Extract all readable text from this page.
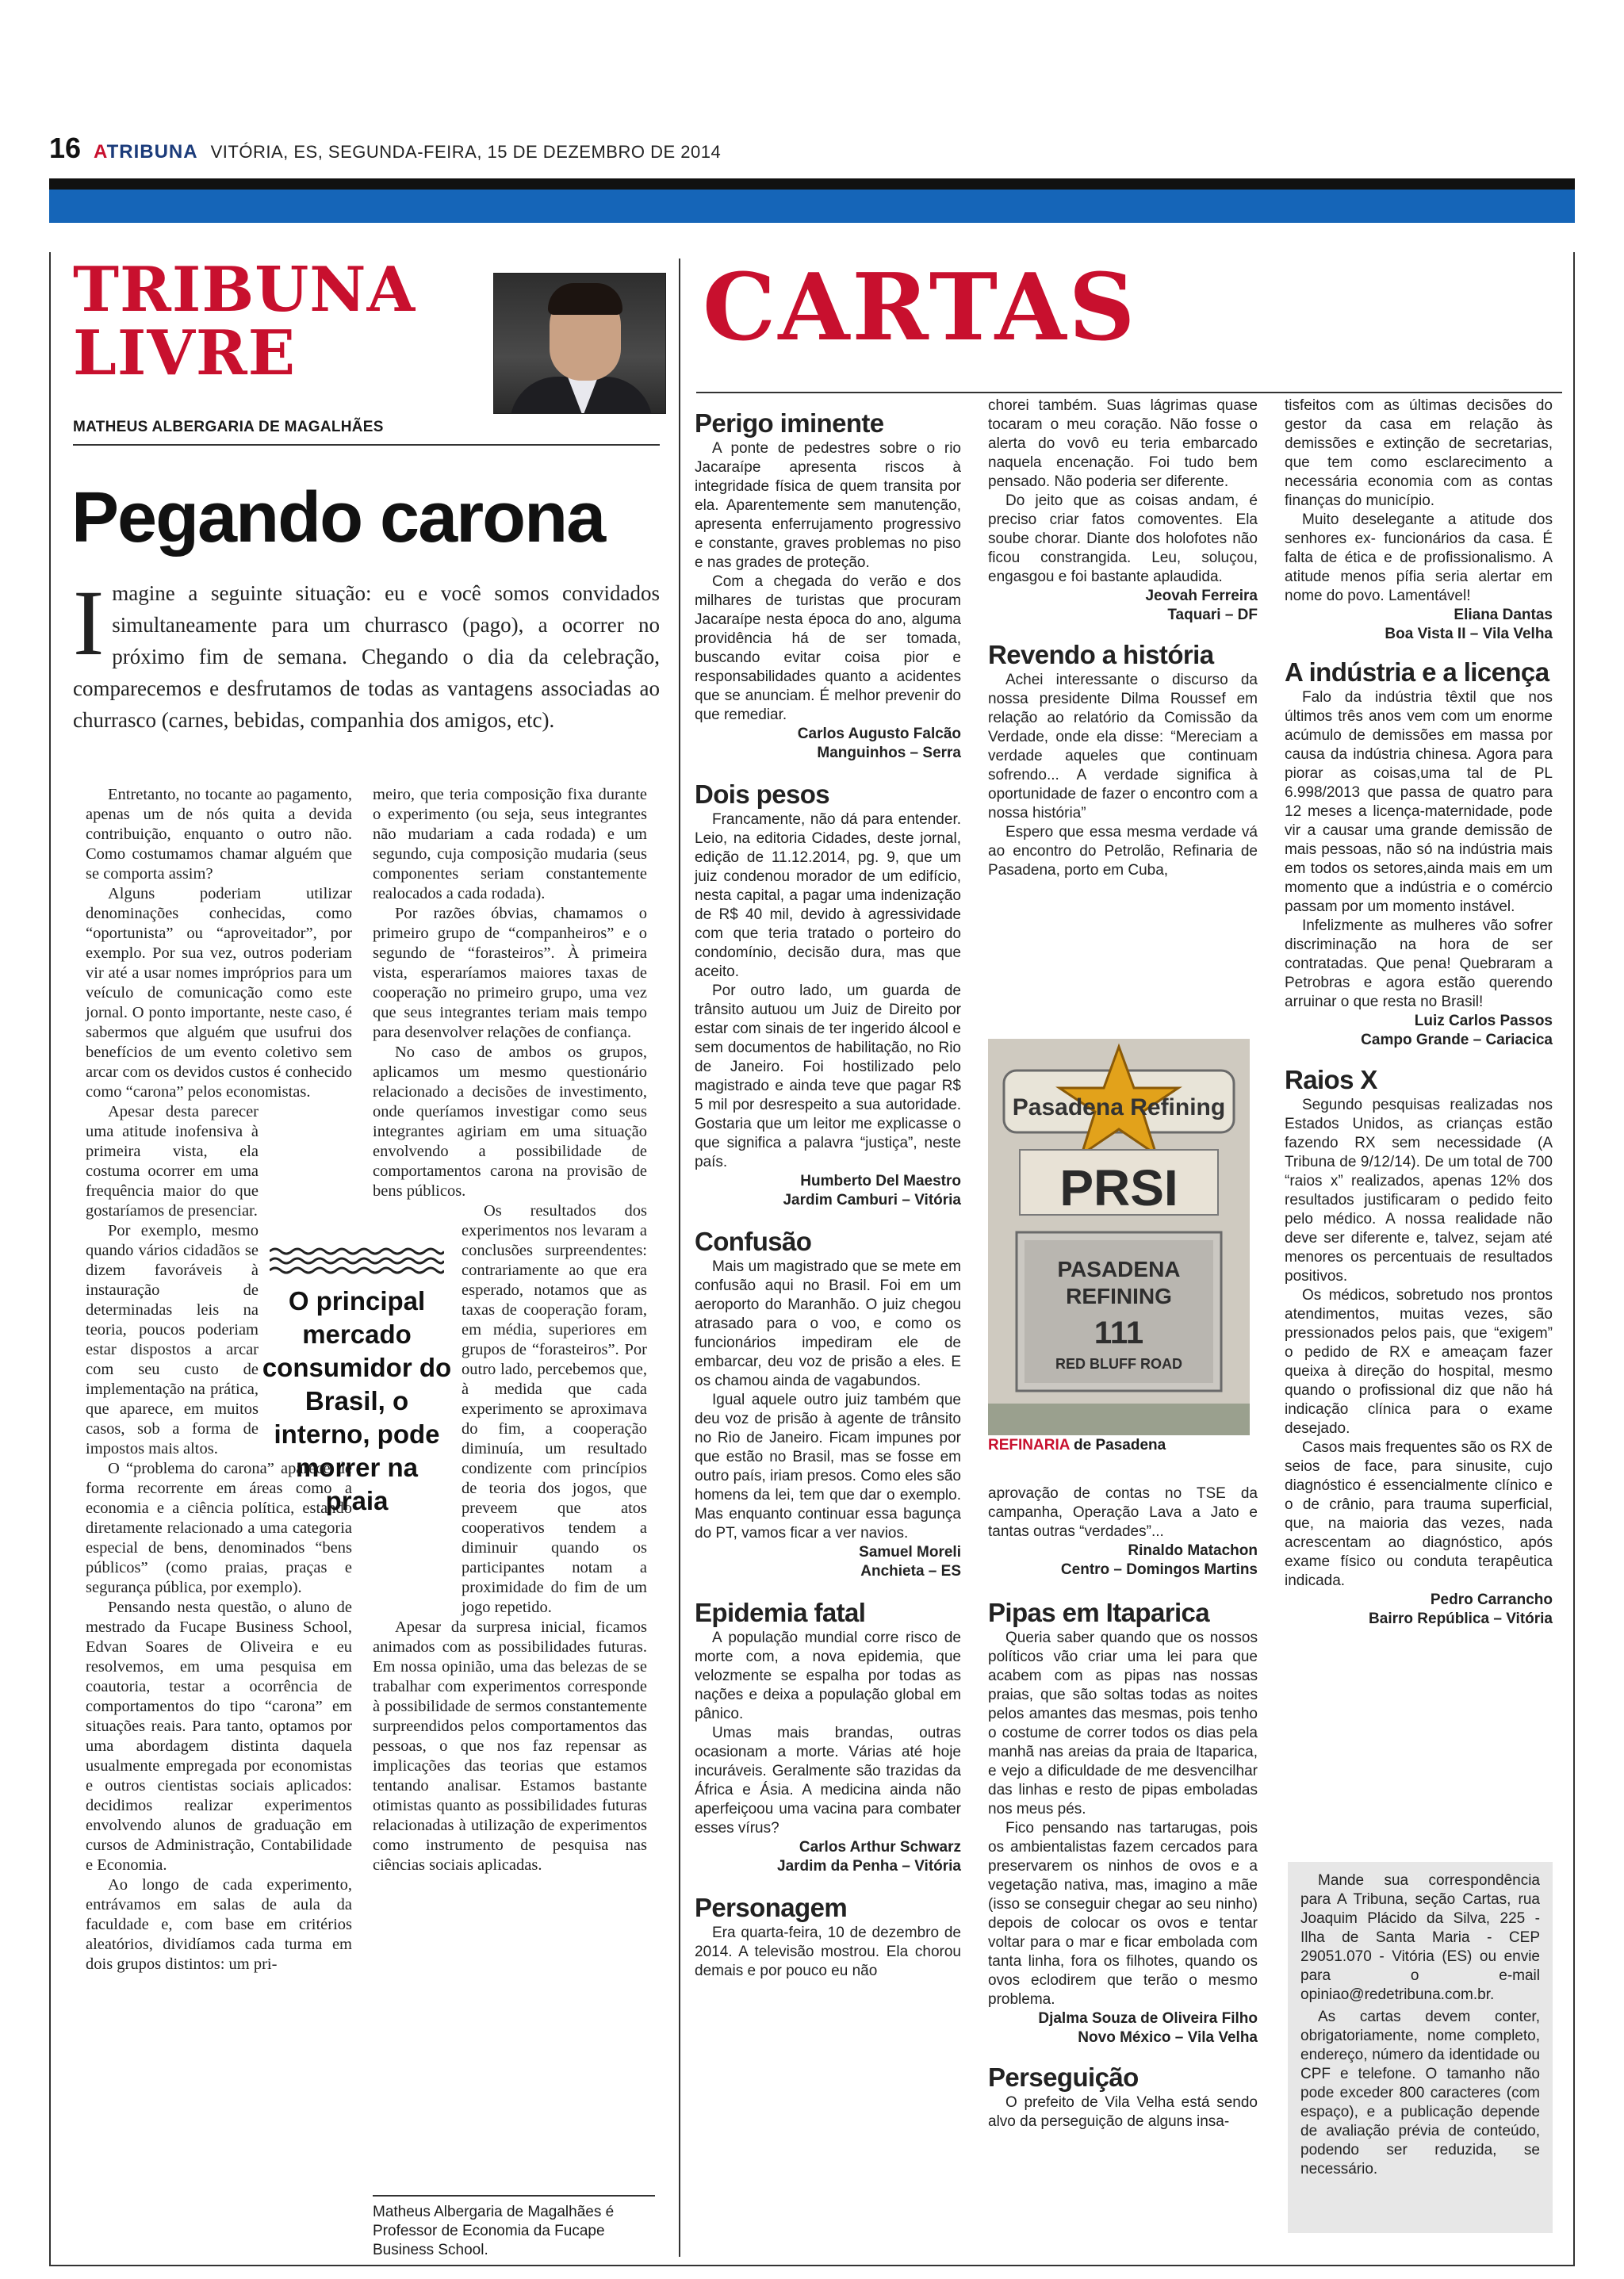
16 ATRIBUNA VITÓRIA, ES, SEGUNDA-FEIRA, 15 DE DEZEMBRO DE 2014
TRIBUNA
LIVRE
MATHEUS ALBERGARIA DE MAGALHÃES
Pegando carona
I magine a seguinte situação: eu e você somos convidados simultaneamente para um churrasco (pago), a ocorrer no próximo fim de semana. Chegando o dia da celebração, comparecemos e desfrutamos de todas as vantagens associadas ao churrasco (carnes, bebidas, companhia dos amigos, etc).

Entretanto, no tocante ao pagamento, apenas um de nós quita a devida contribuição, enquanto o outro não. Como costumamos chamar alguém que se comporta assim?

Alguns poderiam utilizar denominações conhecidas, como “oportunista” ou “aproveitador”, por exemplo. Por sua vez, outros poderiam vir até a usar nomes impróprios para um veículo de comunicação como este jornal. O ponto importante, neste caso, é sabermos que alguém que usufrui dos benefícios de um evento coletivo sem arcar com os devidos custos é conhecido como “carona” pelos economistas.

Apesar desta parecer uma atitude inofensiva à primeira vista, ela costuma ocorrer em uma frequência maior do que gostaríamos de presenciar.

Por exemplo, mesmo quando vários cidadãos se dizem favoráveis à instauração de determinadas leis na teoria, poucos poderiam estar dispostos a arcar com seu custo de implementação na prática, que aparece, em muitos casos, sob a forma de impostos mais altos.

O “problema do carona” aparece de forma recorrente em áreas como a economia e a ciência política, estando diretamente relacionado a uma categoria especial de bens, denominados “bens públicos” (como praias, praças e segurança pública, por exemplo).

Pensando nesta questão, o aluno de mestrado da Fucape Business School, Edvan Soares de Oliveira e eu resolvemos, em uma pesquisa em coautoria, testar a ocorrência de comportamentos do tipo “carona” em situações reais. Para tanto, optamos por uma abordagem distinta daquela usualmente empregada por economistas e outros cientistas sociais aplicados: decidimos realizar experimentos envolvendo alunos de graduação em cursos de Administração, Contabilidade e Economia.

Ao longo de cada experimento, entrávamos em salas de aula da faculdade e, com base em critérios aleatórios, dividíamos cada turma em dois grupos distintos: um pri-

meiro, que teria composição fixa durante o experimento (ou seja, seus integrantes não mudariam a cada rodada) e um segundo, cuja composição mudaria (seus componentes seriam constantemente realocados a cada rodada).

Por razões óbvias, chamamos o primeiro grupo de “companheiros” e o segundo de “forasteiros”. À primeira vista, esperaríamos maiores taxas de cooperação no primeiro grupo, uma vez que seus integrantes teriam mais tempo para desenvolver relações de confiança.

No caso de ambos os grupos, aplicamos um mesmo questionário relacionado a decisões de investimento, onde queríamos investigar como seus integrantes agiriam em uma situação envolvendo a possibilidade de comportamentos carona na provisão de bens públicos.

Os resultados dos experimentos nos levaram a conclusões surpreendentes: contrariamente ao que era esperado, notamos que as taxas de cooperação foram, em média, superiores em grupos de “forasteiros”. Por outro lado, percebemos que, à medida que cada experimento se aproximava do fim, a cooperação diminuía, um resultado condizente com princípios de teoria dos jogos, que preveem que atos cooperativos tendem a diminuir quando os participantes notam a proximidade do fim de um jogo repetido.

Apesar da surpresa inicial, ficamos animados com as possibilidades futuras. Em nossa opinião, uma das belezas de se trabalhar com experimentos corresponde à possibilidade de sermos constantemente surpreendidos pelos comportamentos das pessoas, o que nos faz repensar as implicações das teorias que estamos tentando analisar. Estamos bastante otimistas quanto as possibilidades futuras relacionadas à utilização de experimentos como instrumento de pesquisa nas ciências sociais aplicadas.

O principal mercado consumidor do Brasil, o interno, pode morrer na praia
Matheus Albergaria de Magalhães é Professor de Economia da Fucape Business School.
CARTAS
Perigo iminente

A ponte de pedestres sobre o rio Jacaraípe apresenta riscos à integridade física de quem transita por ela. Aparentemente sem manutenção, apresenta enferrujamento progressivo e constante, graves problemas no piso e nas grades de proteção.

Com a chegada do verão e dos milhares de turistas que procuram Jacaraípe nesta época do ano, alguma providência há de ser tomada, buscando evitar coisa pior e responsabilidades quanto a acidentes que se anunciam. É melhor prevenir do que remediar.

Carlos Augusto Falcão
Manguinhos – Serra

Dois pesos

Francamente, não dá para entender. Leio, na editoria Cidades, deste jornal, edição de 11.12.2014, pg. 9, que um juiz condenou morador de um edifício, nesta capital, a pagar uma indenização de R$ 40 mil, devido à agressividade com que teria tratado o porteiro do condomínio, decisão dura, mas que aceito.

Por outro lado, um guarda de trânsito autuou um Juiz de Direito por estar com sinais de ter ingerido álcool e sem documentos de habilitação, no Rio de Janeiro. Foi hostilizado pelo magistrado e ainda teve que pagar R$ 5 mil por desrespeito a sua autoridade. Gostaria que um leitor me explicasse o que significa a palavra “justiça”, neste país.

Humberto Del Maestro
Jardim Camburi – Vitória

Confusão

Mais um magistrado que se mete em confusão aqui no Brasil. Foi em um aeroporto do Maranhão. O juiz chegou atrasado para o voo, e como os funcionários impediram ele de embarcar, deu voz de prisão a eles. E os chamou ainda de vagabundos.

Igual aquele outro juiz também que deu voz de prisão à agente de trânsito no Rio de Janeiro. Ficam impunes por que estão no Brasil, mas se fosse em outro país, iriam presos. Como eles são homens da lei, tem que dar o exemplo. Mas enquanto continuar essa bagunça do PT, vamos ficar a ver navios.

Samuel Moreli
Anchieta – ES

Epidemia fatal

A população mundial corre risco de morte com, a nova epidemia, que velozmente se espalha por todas as nações e deixa a população global em pânico.

Umas mais brandas, outras ocasionam a morte. Várias até hoje incuráveis. Geralmente são trazidas da África e Ásia. A medicina ainda não aperfeiçoou uma vacina para combater esses vírus?

Carlos Arthur Schwarz
Jardim da Penha – Vitória

Personagem

Era quarta-feira, 10 de dezembro de 2014. A televisão mostrou. Ela chorou demais e por pouco eu não

chorei também. Suas lágrimas quase tocaram o meu coração. Não fosse o alerta do vovô eu teria embarcado naquela encenação. Foi tudo bem pensado. Não poderia ser diferente.

Do jeito que as coisas andam, é preciso criar fatos comoventes. Ela soube chorar. Diante dos holofotes não ficou constrangida. Leu, soluçou, engasgou e foi bastante aplaudida.

Jeovah Ferreira
Taquari – DF

Revendo a história

Achei interessante o discurso da nossa presidente Dilma Roussef em relação ao relatório da Comissão da Verdade, onde ela disse: “Mereciam a verdade aqueles que continuam sofrendo... A verdade significa à oportunidade de fazer o encontro com a nossa história”

Espero que essa mesma verdade vá ao encontro do Petrolão, Refinaria de Pasadena, porto em Cuba,

Pasadena Refining
PRSI
PASADENA
REFINING
111
RED BLUFF ROAD
REFINARIA de Pasadena

aprovação de contas no TSE da campanha, Operação Lava a Jato e tantas outras “verdades”...

Rinaldo Matachon
Centro – Domingos Martins

Pipas em Itaparica

Queria saber quando que os nossos políticos vão criar uma lei para que acabem com as pipas nas nossas praias, que são soltas todas as noites pelos amantes das mesmas, pois tenho o costume de correr todos os dias pela manhã nas areias da praia de Itaparica, e vejo a dificuldade de me desvencilhar das linhas e resto de pipas emboladas nos meus pés.

Fico pensando nas tartarugas, pois os ambientalistas fazem cercados para preservarem os ninhos de ovos e a vegetação nativa, mas, imagino a mãe (isso se conseguir chegar ao seu ninho) depois de colocar os ovos e tentar voltar para o mar e ficar embolada com tanta linha, fora os filhotes, quando os ovos eclodirem que terão o mesmo problema.

Djalma Souza de Oliveira Filho
Novo México – Vila Velha

Perseguição

O prefeito de Vila Velha está sendo alvo da perseguição de alguns insa-

tisfeitos com as últimas decisões do gestor da casa em relação às demissões e extinção de secretarias, que tem como esclarecimento a necessária economia com as contas finanças do município.

Muito deselegante a atitude dos senhores ex- funcionários da casa. É falta de ética e de profissionalismo. A atitude menos pífia seria alertar em nome do povo. Lamentável!

Eliana Dantas
Boa Vista II – Vila Velha

A indústria e a licença

Falo da indústria têxtil que nos últimos três anos vem com um enorme acúmulo de demissões em massa por causa da indústria chinesa. Agora para piorar as coisas,uma tal de PL 6.998/2013 que passa de quatro para 12 meses a licença-maternidade, pode vir a causar uma grande demissão de mais pessoas, não só na indústria mais em todos os setores,ainda mais em um momento que a indústria e o comércio passam por um momento instável.

Infelizmente as mulheres vão sofrer discriminação na hora de ser contratadas. Que pena! Quebraram a Petrobras e agora estão querendo arruinar o que resta no Brasil!

Luiz Carlos Passos
Campo Grande – Cariacica

Raios X

Segundo pesquisas realizadas nos Estados Unidos, as crianças estão fazendo RX sem necessidade (A Tribuna de 9/12/14). De um total de 700 “raios x” realizados, apenas 12% dos resultados justificaram o pedido feito pelo médico. A nossa realidade não deve ser diferente e, talvez, sejam até menores os percentuais de resultados positivos.

Os médicos, sobretudo nos prontos atendimentos, muitas vezes, são pressionados pelos pais, que “exigem” o pedido de RX e ameaçam fazer queixa à direção do hospital, mesmo quando o profissional diz que não há indicação clínica para o exame desejado.

Casos mais frequentes são os RX de seios de face, para sinusite, cujo diagnóstico é essencialmente clínico e o de crânio, para trauma superficial, que, na maioria das vezes, nada acrescentam ao diagnóstico, após exame físico ou conduta terapêutica indicada.

Pedro Carrancho
Bairro República – Vitória

Mande sua correspondência para A Tribuna, seção Cartas, rua Joaquim Plácido da Silva, 225 - Ilha de Santa Maria - CEP 29051.070 - Vitória (ES) ou envie para o e-mail opiniao@redetribuna.com.br.

As cartas devem conter, obrigatoriamente, nome completo, endereço, número da identidade ou CPF e telefone. O tamanho não pode exceder 800 caracteres (com espaço), e a publicação depende de avaliação prévia de conteúdo, podendo ser reduzida, se necessário.
